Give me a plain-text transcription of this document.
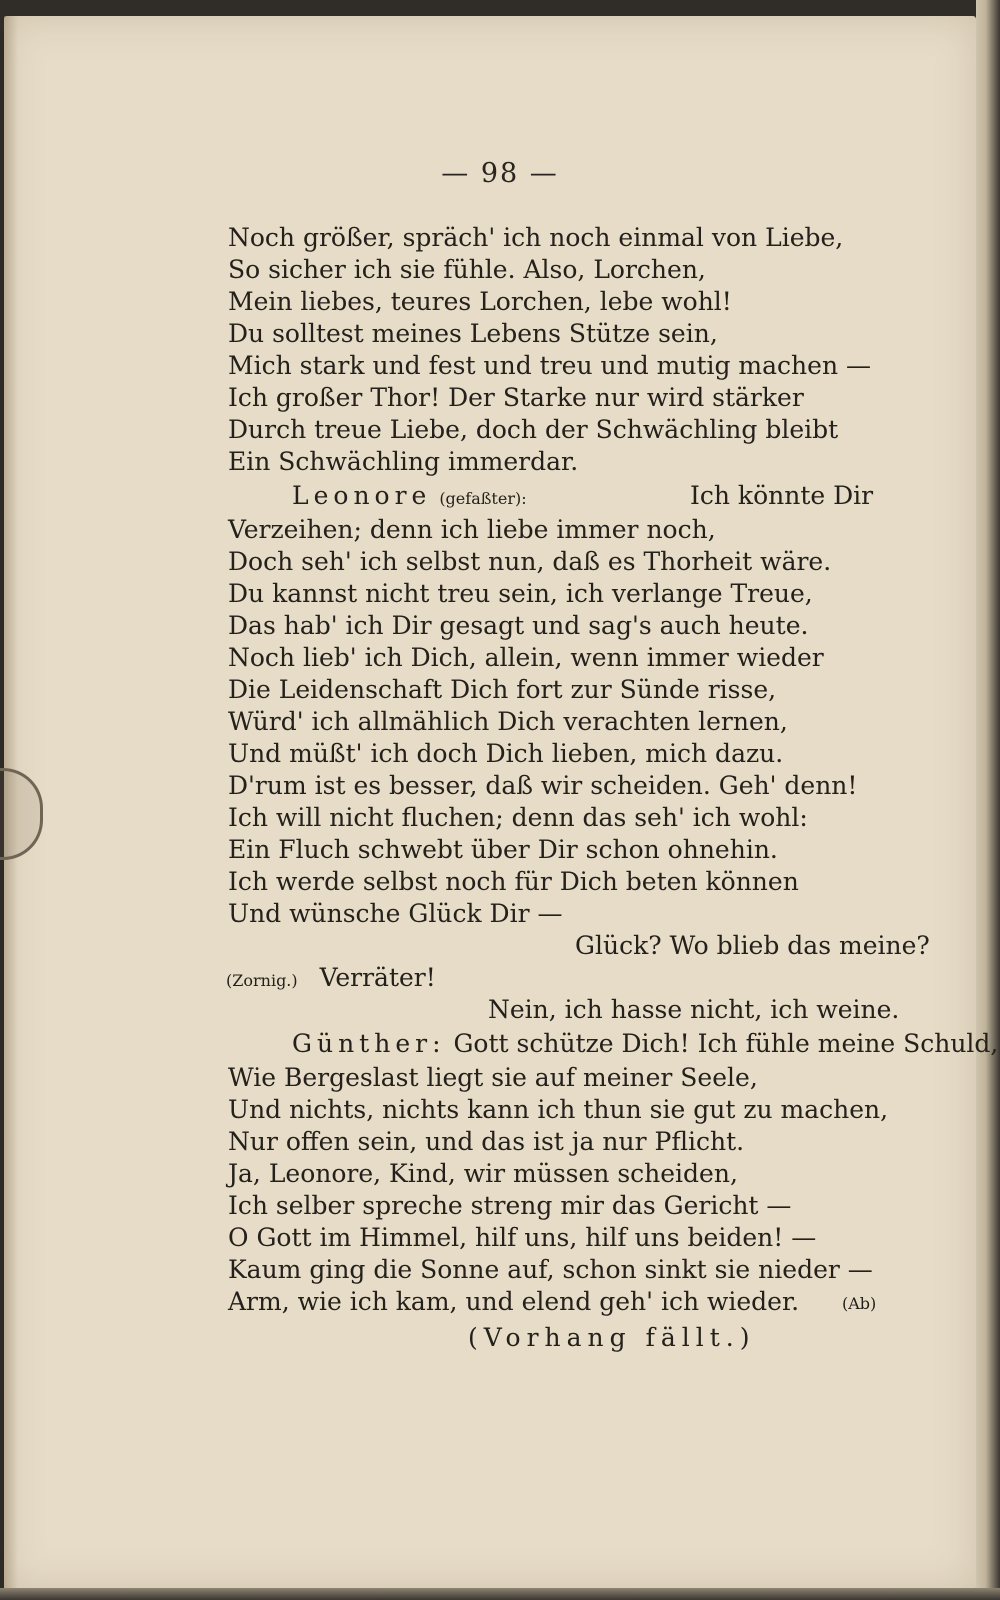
— 98 —
Noch größer, spräch' ich noch einmal von Liebe,
So sicher ich sie fühle. Also, Lorchen,
Mein liebes, teures Lorchen, lebe wohl!
Du solltest meines Lebens Stütze sein,
Mich stark und fest und treu und mutig machen —
Ich großer Thor! Der Starke nur wird stärker
Durch treue Liebe, doch der Schwächling bleibt
Ein Schwächling immerdar.
Leonore (gefaßter):	Ich könnte Dir
Verzeihen; denn ich liebe immer noch,
Doch seh' ich selbst nun, daß es Thorheit wäre.
Du kannst nicht treu sein, ich verlange Treue,
Das hab' ich Dir gesagt und sag's auch heute.
Noch lieb' ich Dich, allein, wenn immer wieder
Die Leidenschaft Dich fort zur Sünde risse,
Würd' ich allmählich Dich verachten lernen,
Und müßt' ich doch Dich lieben, mich dazu.
D'rum ist es besser, daß wir scheiden. Geh' denn!
Ich will nicht fluchen; denn das seh' ich wohl:
Ein Fluch schwebt über Dir schon ohnehin.
Ich werde selbst noch für Dich beten können
Und wünsche Glück Dir —
Glück? Wo blieb das meine?
(Zornig.) Verräter!
Nein, ich hasse nicht, ich weine.
Günther: Gott schütze Dich! Ich fühle meine Schuld,
Wie Bergeslast liegt sie auf meiner Seele,
Und nichts, nichts kann ich thun sie gut zu machen,
Nur offen sein, und das ist ja nur Pflicht.
Ja, Leonore, Kind, wir müssen scheiden,
Ich selber spreche streng mir das Gericht —
O Gott im Himmel, hilf uns, hilf uns beiden! —
Kaum ging die Sonne auf, schon sinkt sie nieder —
Arm, wie ich kam, und elend geh' ich wieder.	(Ab)
(Vorhang fällt.)
